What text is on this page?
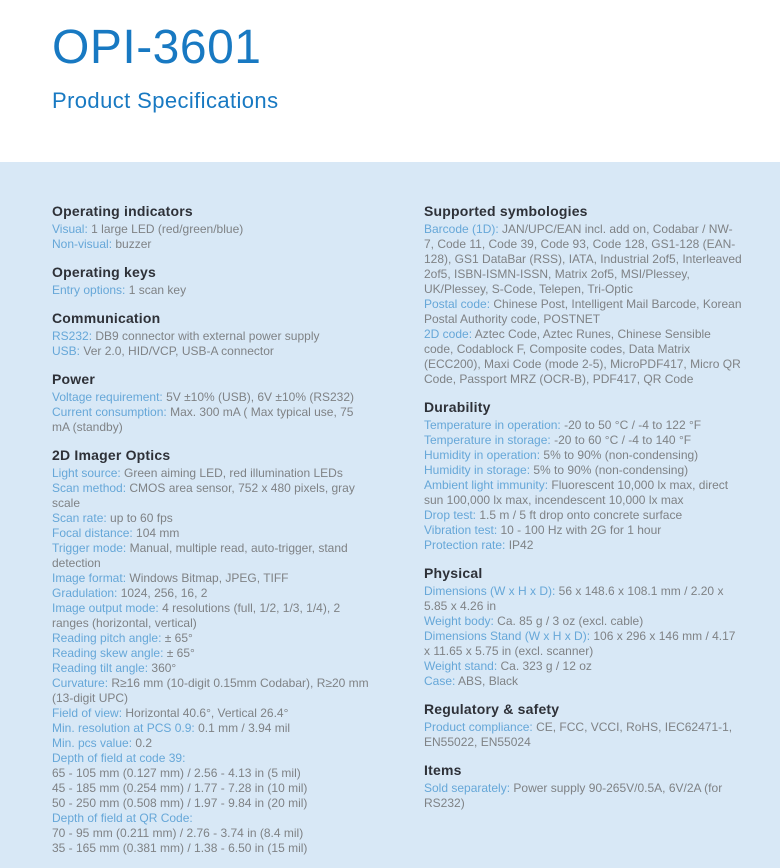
OPI-3601
Product Specifications
Operating indicators

Visual: 1 large LED (red/green/blue)

Non-visual: buzzer

Operating keys

Entry options: 1 scan key

Communication

RS232: DB9 connector with external power supply

USB: Ver 2.0, HID/VCP, USB-A connector

Power

Voltage requirement: 5V ±10% (USB), 6V ±10% (RS232)

Current consumption: Max. 300 mA ( Max typical use, 75 mA (standby)

2D Imager Optics

Light source: Green aiming LED, red illumination LEDs

Scan method: CMOS area sensor, 752 x 480 pixels, gray scale

Scan rate: up to 60 fps

Focal distance: 104 mm

Trigger mode: Manual, multiple read, auto-trigger, stand detection

Image format: Windows Bitmap, JPEG, TIFF

Gradulation: 1024, 256, 16, 2

Image output mode: 4 resolutions (full, 1/2, 1/3, 1/4), 2 ranges (horizontal, vertical)

Reading pitch angle: ± 65°

Reading skew angle: ± 65°

Reading tilt angle: 360°

Curvature: R≥16 mm (10-digit 0.15mm Codabar), R≥20 mm (13-digit UPC)

Field of view: Horizontal 40.6°, Vertical 26.4°

Min. resolution at PCS 0.9: 0.1 mm / 3.94 mil

Min. pcs value: 0.2

Depth of field at code 39:

65 - 105 mm (0.127 mm) / 2.56 - 4.13 in (5 mil)

45 - 185 mm (0.254 mm) / 1.77 - 7.28 in (10 mil)

50 - 250 mm (0.508 mm) / 1.97 - 9.84 in (20 mil)

Depth of field at QR Code:

70 - 95 mm (0.211 mm) / 2.76 - 3.74 in (8.4 mil)

35 - 165 mm (0.381 mm) / 1.38 - 6.50 in (15 mil)

Supported symbologies

Barcode (1D): JAN/UPC/EAN incl. add on, Codabar / NW-7, Code 11, Code 39, Code 93, Code 128, GS1-128 (EAN-128), GS1 DataBar (RSS), IATA, Industrial 2of5, Interleaved 2of5, ISBN-ISMN-ISSN, Matrix 2of5, MSI/Plessey, UK/Plessey, S-Code, Telepen, Tri-Optic

Postal code: Chinese Post, Intelligent Mail Barcode, Korean Postal Authority code, POSTNET

2D code: Aztec Code, Aztec Runes, Chinese Sensible code, Codablock F, Composite codes, Data Matrix (ECC200), Maxi Code (mode 2-5), MicroPDF417, Micro QR Code, Passport MRZ (OCR-B), PDF417, QR Code

Durability

Temperature in operation: -20 to 50 °C / -4 to 122 °F

Temperature in storage: -20 to 60 °C / -4 to 140 °F

Humidity in operation: 5% to 90% (non-condensing)

Humidity in storage: 5% to 90% (non-condensing)

Ambient light immunity: Fluorescent 10,000 lx max, direct sun 100,000 lx max, incendescent 10,000 lx max

Drop test: 1.5 m / 5 ft drop onto concrete surface

Vibration test: 10 - 100 Hz with 2G for 1 hour

Protection rate: IP42

Physical

Dimensions (W x H x D): 56 x 148.6 x 108.1 mm / 2.20 x 5.85 x 4.26 in

Weight body: Ca. 85 g / 3 oz (excl. cable)

Dimensions Stand (W x H x D): 106 x 296 x 146 mm / 4.17 x 11.65 x 5.75 in (excl. scanner)

Weight stand: Ca. 323 g / 12 oz

Case: ABS, Black

Regulatory & safety

Product compliance: CE, FCC, VCCI, RoHS, IEC62471-1, EN55022, EN55024

Items

Sold separately: Power supply 90-265V/0.5A, 6V/2A (for RS232)
